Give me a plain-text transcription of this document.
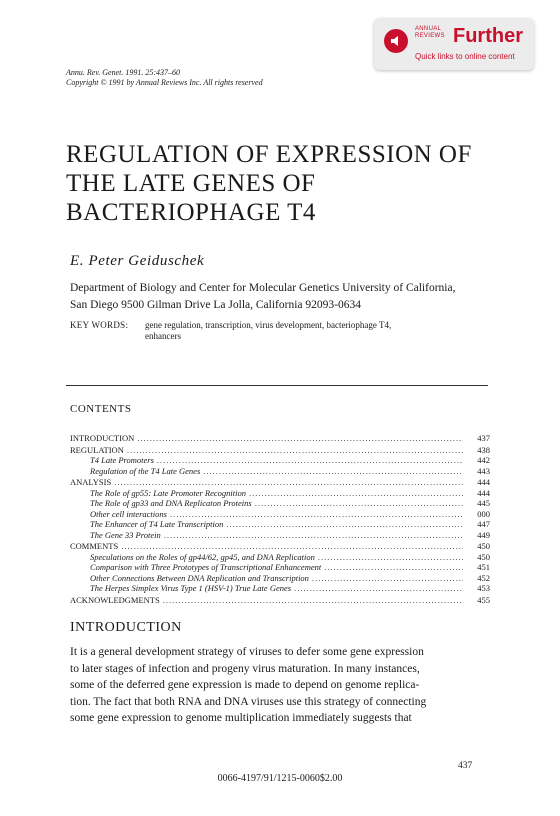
ANNUAL
REVIEWS Further
Quick links to online content
Annu. Rev. Genet. 1991. 25:437–60
Copyright © 1991 by Annual Reviews Inc. All rights reserved
REGULATION OF EXPRESSION OF
THE LATE GENES OF
BACTERIOPHAGE T4
E. Peter Geiduschek
Department of Biology and Center for Molecular Genetics University of California,
San Diego 9500 Gilman Drive La Jolla, California 92093-0634
KEY WORDS: gene regulation, transcription, virus development, bacteriophage T4,
enhancers
CONTENTS
INTRODUCTION .....	437
REGULATION .....	438
T4 Late Promoters .....	442
Regulation of the T4 Late Genes .....	443
ANALYSIS .....	444
The Role of gp55: Late Promoter Recognition .....	444
The Role of gp33 and DNA Replicaton Proteins .....	445
Other cell interactions .....	000
The Enhancer of T4 Late Transcription .....	447
The Gene 33 Protein .....	449
COMMENTS .....	450
Speculations on the Roles of gp44/62, gp45, and DNA Replication .....	450
Comparison with Three Prototypes of Transcriptional Enhancement .....	451
Other Connections Between DNA Replication and Transcription .....	452
The Herpes Simplex Virus Type 1 (HSV-1) True Late Genes .....	453
ACKNOWLEDGMENTS .....	455
INTRODUCTION
It is a general development strategy of viruses to defer some gene expression
to later stages of infection and progeny virus maturation. In many instances,
some of the deferred gene expression is made to depend on genome replica-
tion. The fact that both RNA and DNA viruses use this strategy of connecting
some gene expression to genome multiplication immediately suggests that
437
0066-4197/91/1215-0060$2.00
